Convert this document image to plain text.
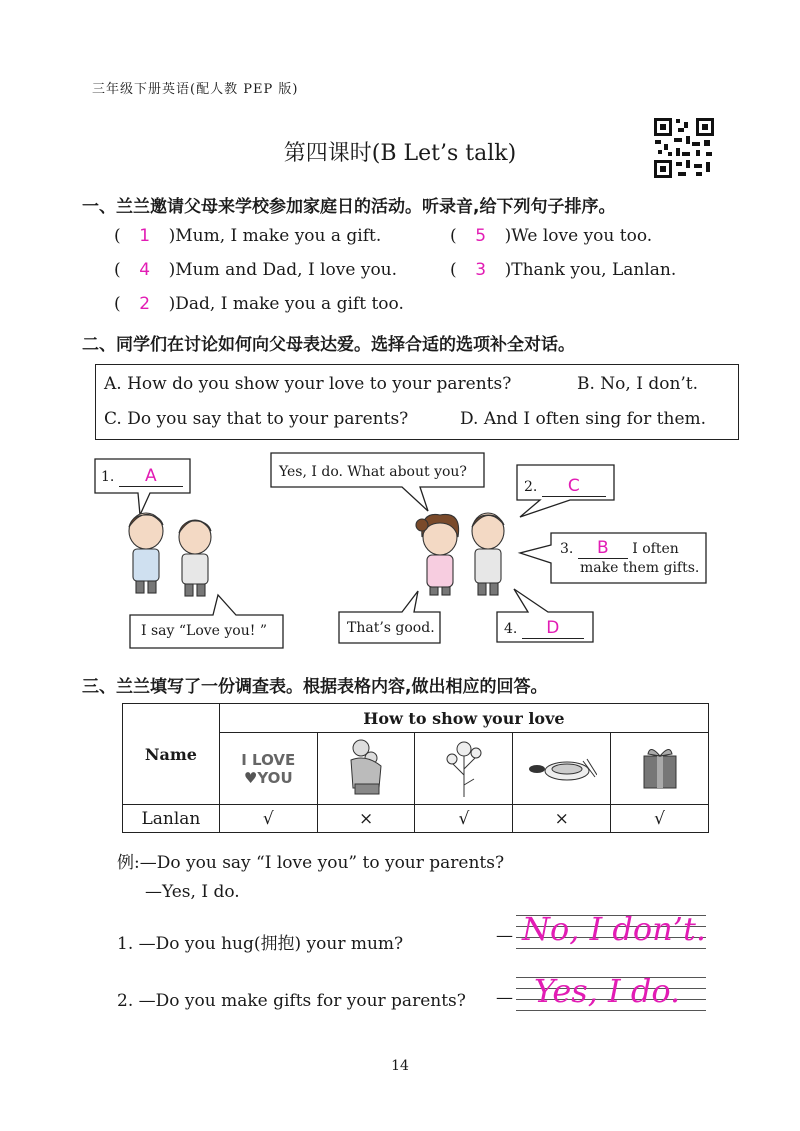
三年级下册英语(配人教 PEP 版)
第四课时(B Let’s talk)
一、兰兰邀请父母来学校参加家庭日的活动。听录音,给下列句子排序。
( 1 )Mum, I make you a gift.	( 5 )We love you too.
( 4 )Mum and Dad, I love you.	( 3 )Thank you, Lanlan.
( 2 )Dad, I make you a gift too.
二、同学们在讨论如何向父母表达爱。选择合适的选项补全对话。
A. How do you show your love to your parents?	B. No, I don’t.
C. Do you say that to your parents?	D. And I often sing for them.
1. A	Yes, I do. What about you?
2. C
3. B I often
make them gifts.
I say “Love you! ”	That’s good.	4. D
三、兰兰填写了一份调查表。根据表格内容,做出相应的回答。
Name	How to show your love				

	I LOVE
♥YOU

Lanlan	√	×	√	×	√
例:—Do you say “I love you” to your parents?
—Yes, I do.
1. —Do you hug(拥抱) your mum?	— No, I don’t.
2. —Do you make gifts for your parents? — Yes, I do.
14
